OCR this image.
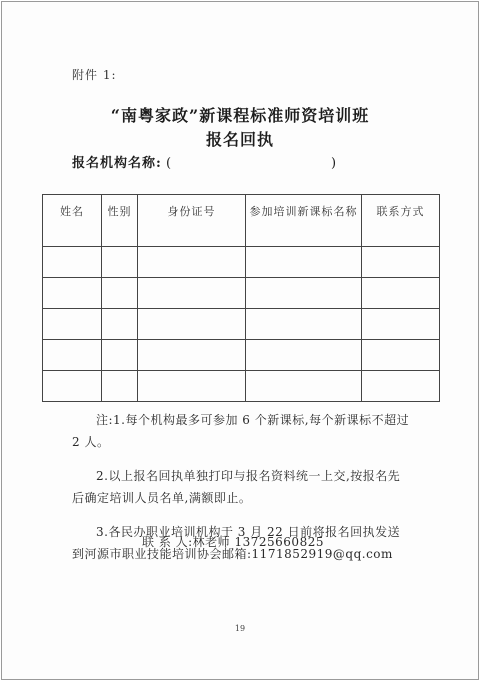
附件 1:
“南粤家政”新课程标准师资培训班
报名回执
报名机构名称: (	)
姓名	性别	身份证号	参加培训新课标名称	联系方式

注:1.每个机构最多可参加 6 个新课标,每个新课标不超过 2 人。

2.以上报名回执单独打印与报名资料统一上交,按报名先后确定培训人员名单,满额即止。

3.各民办职业培训机构于 3 月 22 日前将报名回执发送到河源市职业技能培训协会邮箱:1171852919@qq.com

联 系 人:林老师 13725660825
19
